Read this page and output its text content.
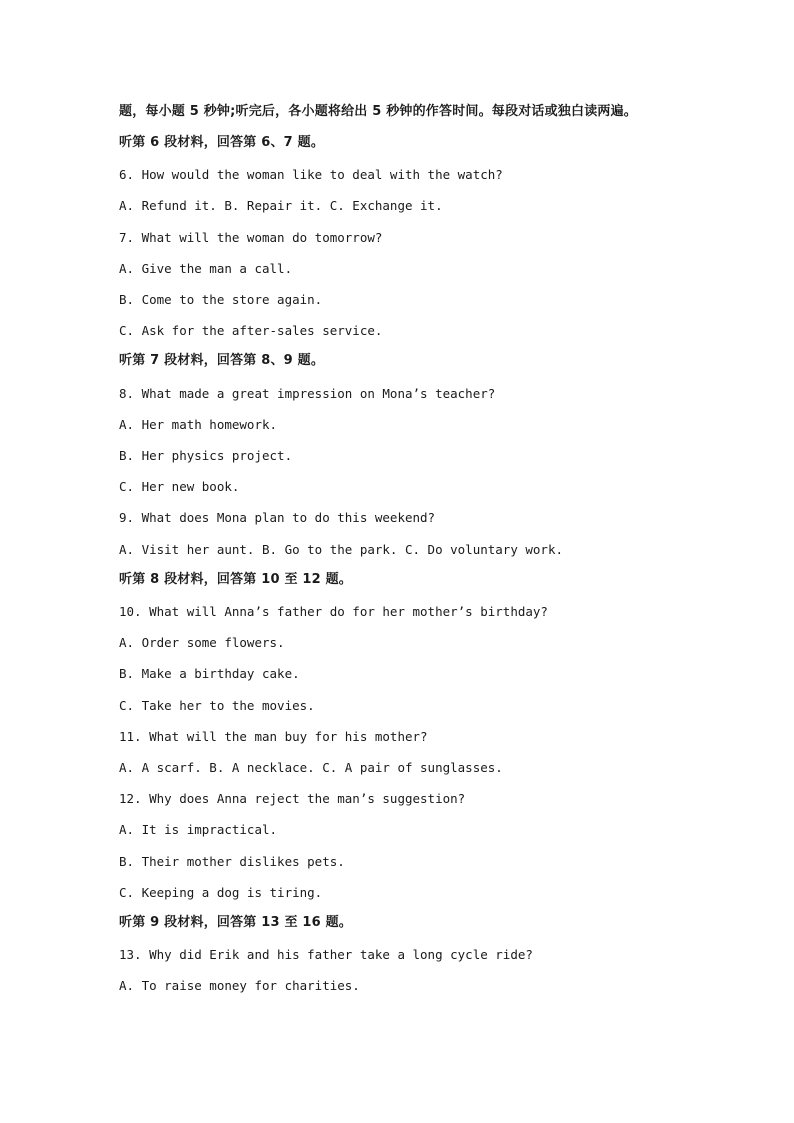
题，每小题 5 秒钟;听完后，各小题将给出 5 秒钟的作答时间。每段对话或独白读两遍。
听第 6 段材料，回答第 6、7 题。
6. How would the woman like to deal with the watch?
A. Refund it. B. Repair it. C. Exchange it.
7. What will the woman do tomorrow?
A. Give the man a call.
B. Come to the store again.
C. Ask for the after-sales service.
听第 7 段材料，回答第 8、9 题。
8. What made a great impression on Mona’s teacher?
A. Her math homework.
B. Her physics project.
C. Her new book.
9. What does Mona plan to do this weekend?
A. Visit her aunt. B. Go to the park. C. Do voluntary work.
听第 8 段材料，回答第 10 至 12 题。
10. What will Anna’s father do for her mother’s birthday?
A. Order some flowers.
B. Make a birthday cake.
C. Take her to the movies.
11. What will the man buy for his mother?
A. A scarf. B. A necklace. C. A pair of sunglasses.
12. Why does Anna reject the man’s suggestion?
A. It is impractical.
B. Their mother dislikes pets.
C. Keeping a dog is tiring.
听第 9 段材料，回答第 13 至 16 题。
13. Why did Erik and his father take a long cycle ride?
A. To raise money for charities.
